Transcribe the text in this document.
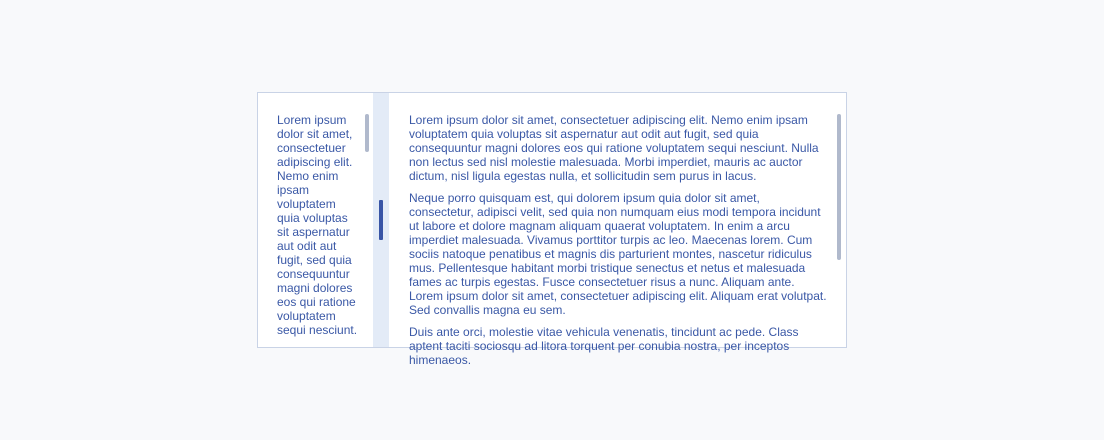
Lorem ipsum dolor sit amet, consectetuer adipiscing elit. Nemo enim ipsam voluptatem quia voluptas sit aspernatur aut odit aut fugit, sed quia consequuntur magni dolores eos qui ratione voluptatem sequi nesciunt.

Lorem ipsum dolor sit amet, consectetuer adipiscing elit. Nemo enim ipsam voluptatem quia voluptas sit aspernatur aut odit aut fugit, sed quia consequuntur magni dolores eos qui ratione voluptatem sequi nesciunt. Nulla non lectus sed nisl molestie malesuada. Morbi imperdiet, mauris ac auctor dictum, nisl ligula egestas nulla, et sollicitudin sem purus in lacus.

Neque porro quisquam est, qui dolorem ipsum quia dolor sit amet, consectetur, adipisci velit, sed quia non numquam eius modi tempora incidunt ut labore et dolore magnam aliquam quaerat voluptatem. In enim a arcu imperdiet malesuada. Vivamus porttitor turpis ac leo. Maecenas lorem. Cum sociis natoque penatibus et magnis dis parturient montes, nascetur ridiculus mus. Pellentesque habitant morbi tristique senectus et netus et malesuada fames ac turpis egestas. Fusce consectetuer risus a nunc. Aliquam ante. Lorem ipsum dolor sit amet, consectetuer adipiscing elit. Aliquam erat volutpat. Sed convallis magna eu sem.

Duis ante orci, molestie vitae vehicula venenatis, tincidunt ac pede. Class aptent taciti sociosqu ad litora torquent per conubia nostra, per inceptos himenaeos.
